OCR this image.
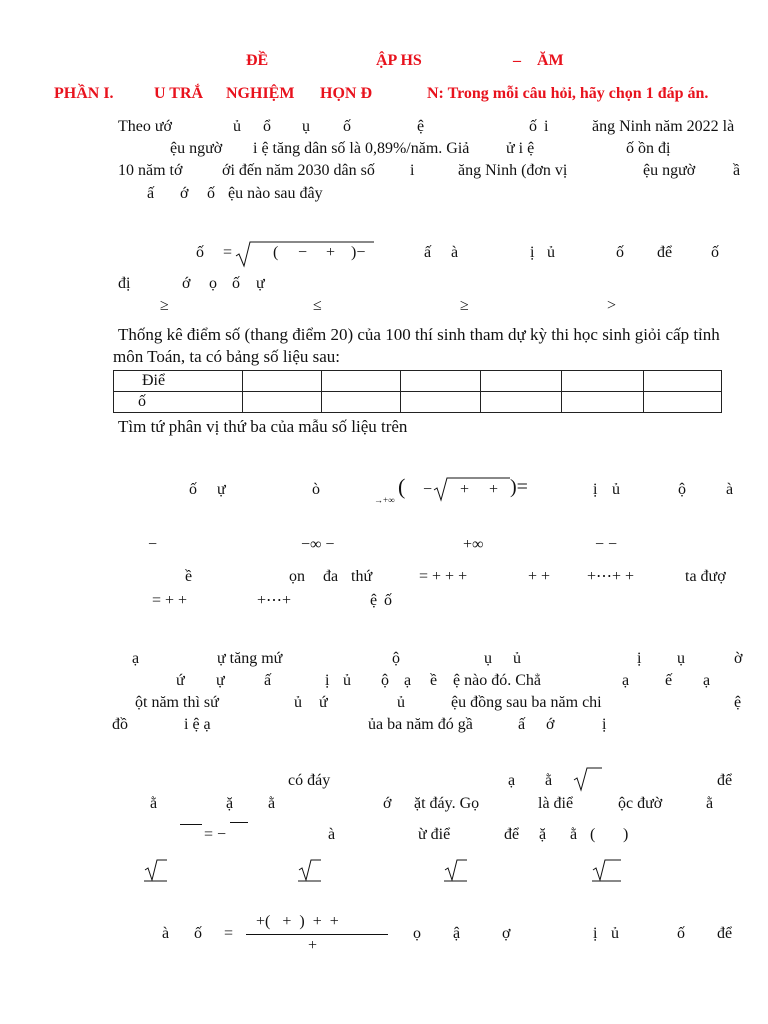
ĐỀ	ẬP HS	– ĂM
PHẦN I.	U TRẮ NGHIỆM HỌN Đ	N: Trong mỗi câu hỏi, hãy chọn 1 đáp án.
Theo ướ	ủ ổ ụ ố	ệ	ố i	ăng Ninh năm 2022 là
ệu ngườ i ệ tăng dân số là 0,89%/năm. Giả ử i ệ	ố ồn đị
10 năm tớ ới đến năm 2030 dân số i	ăng Ninh (đơn vị	ệu ngườ ầ
ấ ớ ố ệu nào sau đây
ố =	( − + )−	ấ à	ị ủ	ố để ố
đị	ớ ọ ố ự
≥	≤	≥	>
Thống kê điểm số (thang điểm 20) của 100 thí sinh tham dự kỳ thi học sinh giỏi cấp tỉnh
môn Toán, ta có bảng số liệu sau:
Điể						
ố						
Tìm tứ phân vị thứ ba của mẫu số liệu trên
ố ự	ò
→+∞
( − + + )=	ị ủ	ộ	à
−	−∞ −	+∞	− −
ề	ọn đa thứ	= + + +	+ + +⋯+ +	ta đượ
= + +	+⋯+	ệ ố
ạ	ự tăng mứ	ộ	ụ ủ	ị ụ	ờ
ứ ự ấ	ị ủ ộ ạ ề ệ nào đó. Chẳ	ạ ế ạ
ột năm thì sứ	ủ ứ	ủ	ệu đồng sau ba năm chi	ệ
đồ	i ệ ạ	ủa ba năm đó gầ	ấ ớ	ị
có đáy	ạ ằ	để
ằ	ặ ằ	ớ ặt đáy. Gọ	là điể	ộc đườ	ằ
= −	à	ừ điể	để ặ ằ ( )
à ố =
+(   +  )  +  +
+
ọ ậ	ợ	ị ủ	ố để
